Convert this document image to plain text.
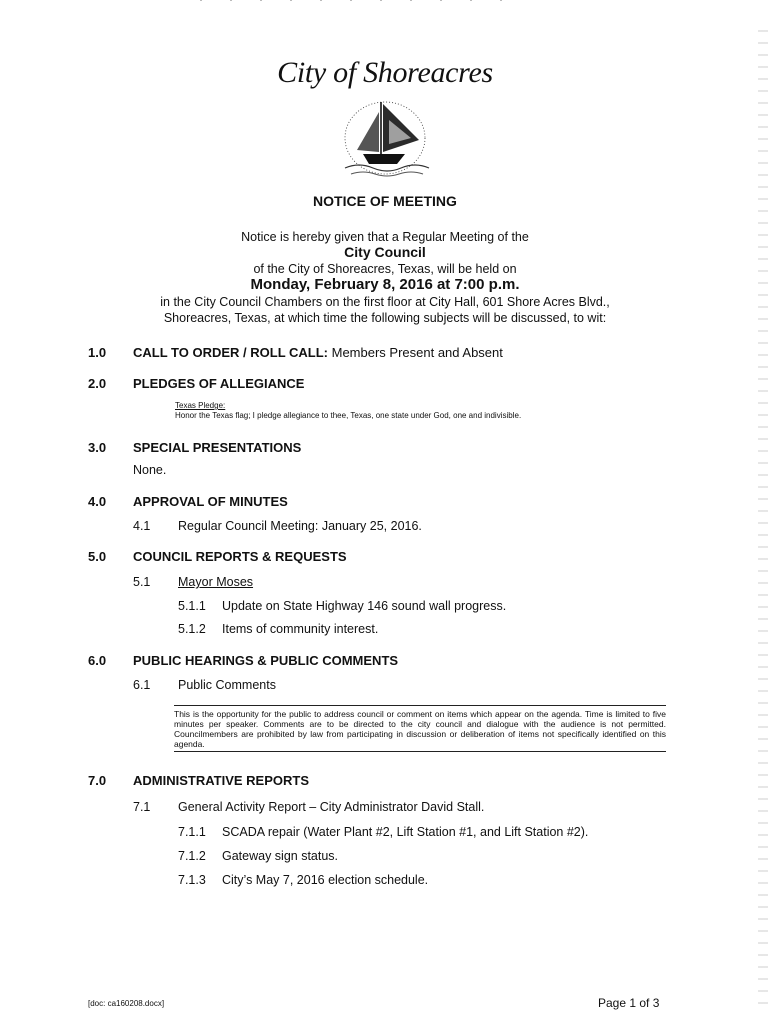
City of Shoreacres
NOTICE OF MEETING
Notice is hereby given that a Regular Meeting of the
City Council
of the City of Shoreacres, Texas, will be held on
Monday, February 8, 2016 at 7:00 p.m.
in the City Council Chambers on the first floor at City Hall, 601 Shore Acres Blvd.,
Shoreacres, Texas, at which time the following subjects will be discussed, to wit:
1.0 CALL TO ORDER / ROLL CALL: Members Present and Absent
2.0 PLEDGES OF ALLEGIANCE
Texas Pledge:
Honor the Texas flag; I pledge allegiance to thee, Texas, one state under God, one and indivisible.
3.0 SPECIAL PRESENTATIONS
None.
4.0 APPROVAL OF MINUTES
4.1 Regular Council Meeting: January 25, 2016.
5.0 COUNCIL REPORTS & REQUESTS
5.1 Mayor Moses
5.1.1 Update on State Highway 146 sound wall progress.
5.1.2 Items of community interest.
6.0 PUBLIC HEARINGS & PUBLIC COMMENTS
6.1 Public Comments
This is the opportunity for the public to address council or comment on items which appear on the agenda. Time is limited to five minutes per speaker. Comments are to be directed to the city council and dialogue with the audience is not permitted. Councilmembers are prohibited by law from participating in discussion or deliberation of items not specifically identified on this agenda.
7.0 ADMINISTRATIVE REPORTS
7.1 General Activity Report – City Administrator David Stall.
7.1.1 SCADA repair (Water Plant #2, Lift Station #1, and Lift Station #2).
7.1.2 Gateway sign status.
7.1.3 City’s May 7, 2016 election schedule.
[doc: ca160208.docx]	Page 1 of 3
